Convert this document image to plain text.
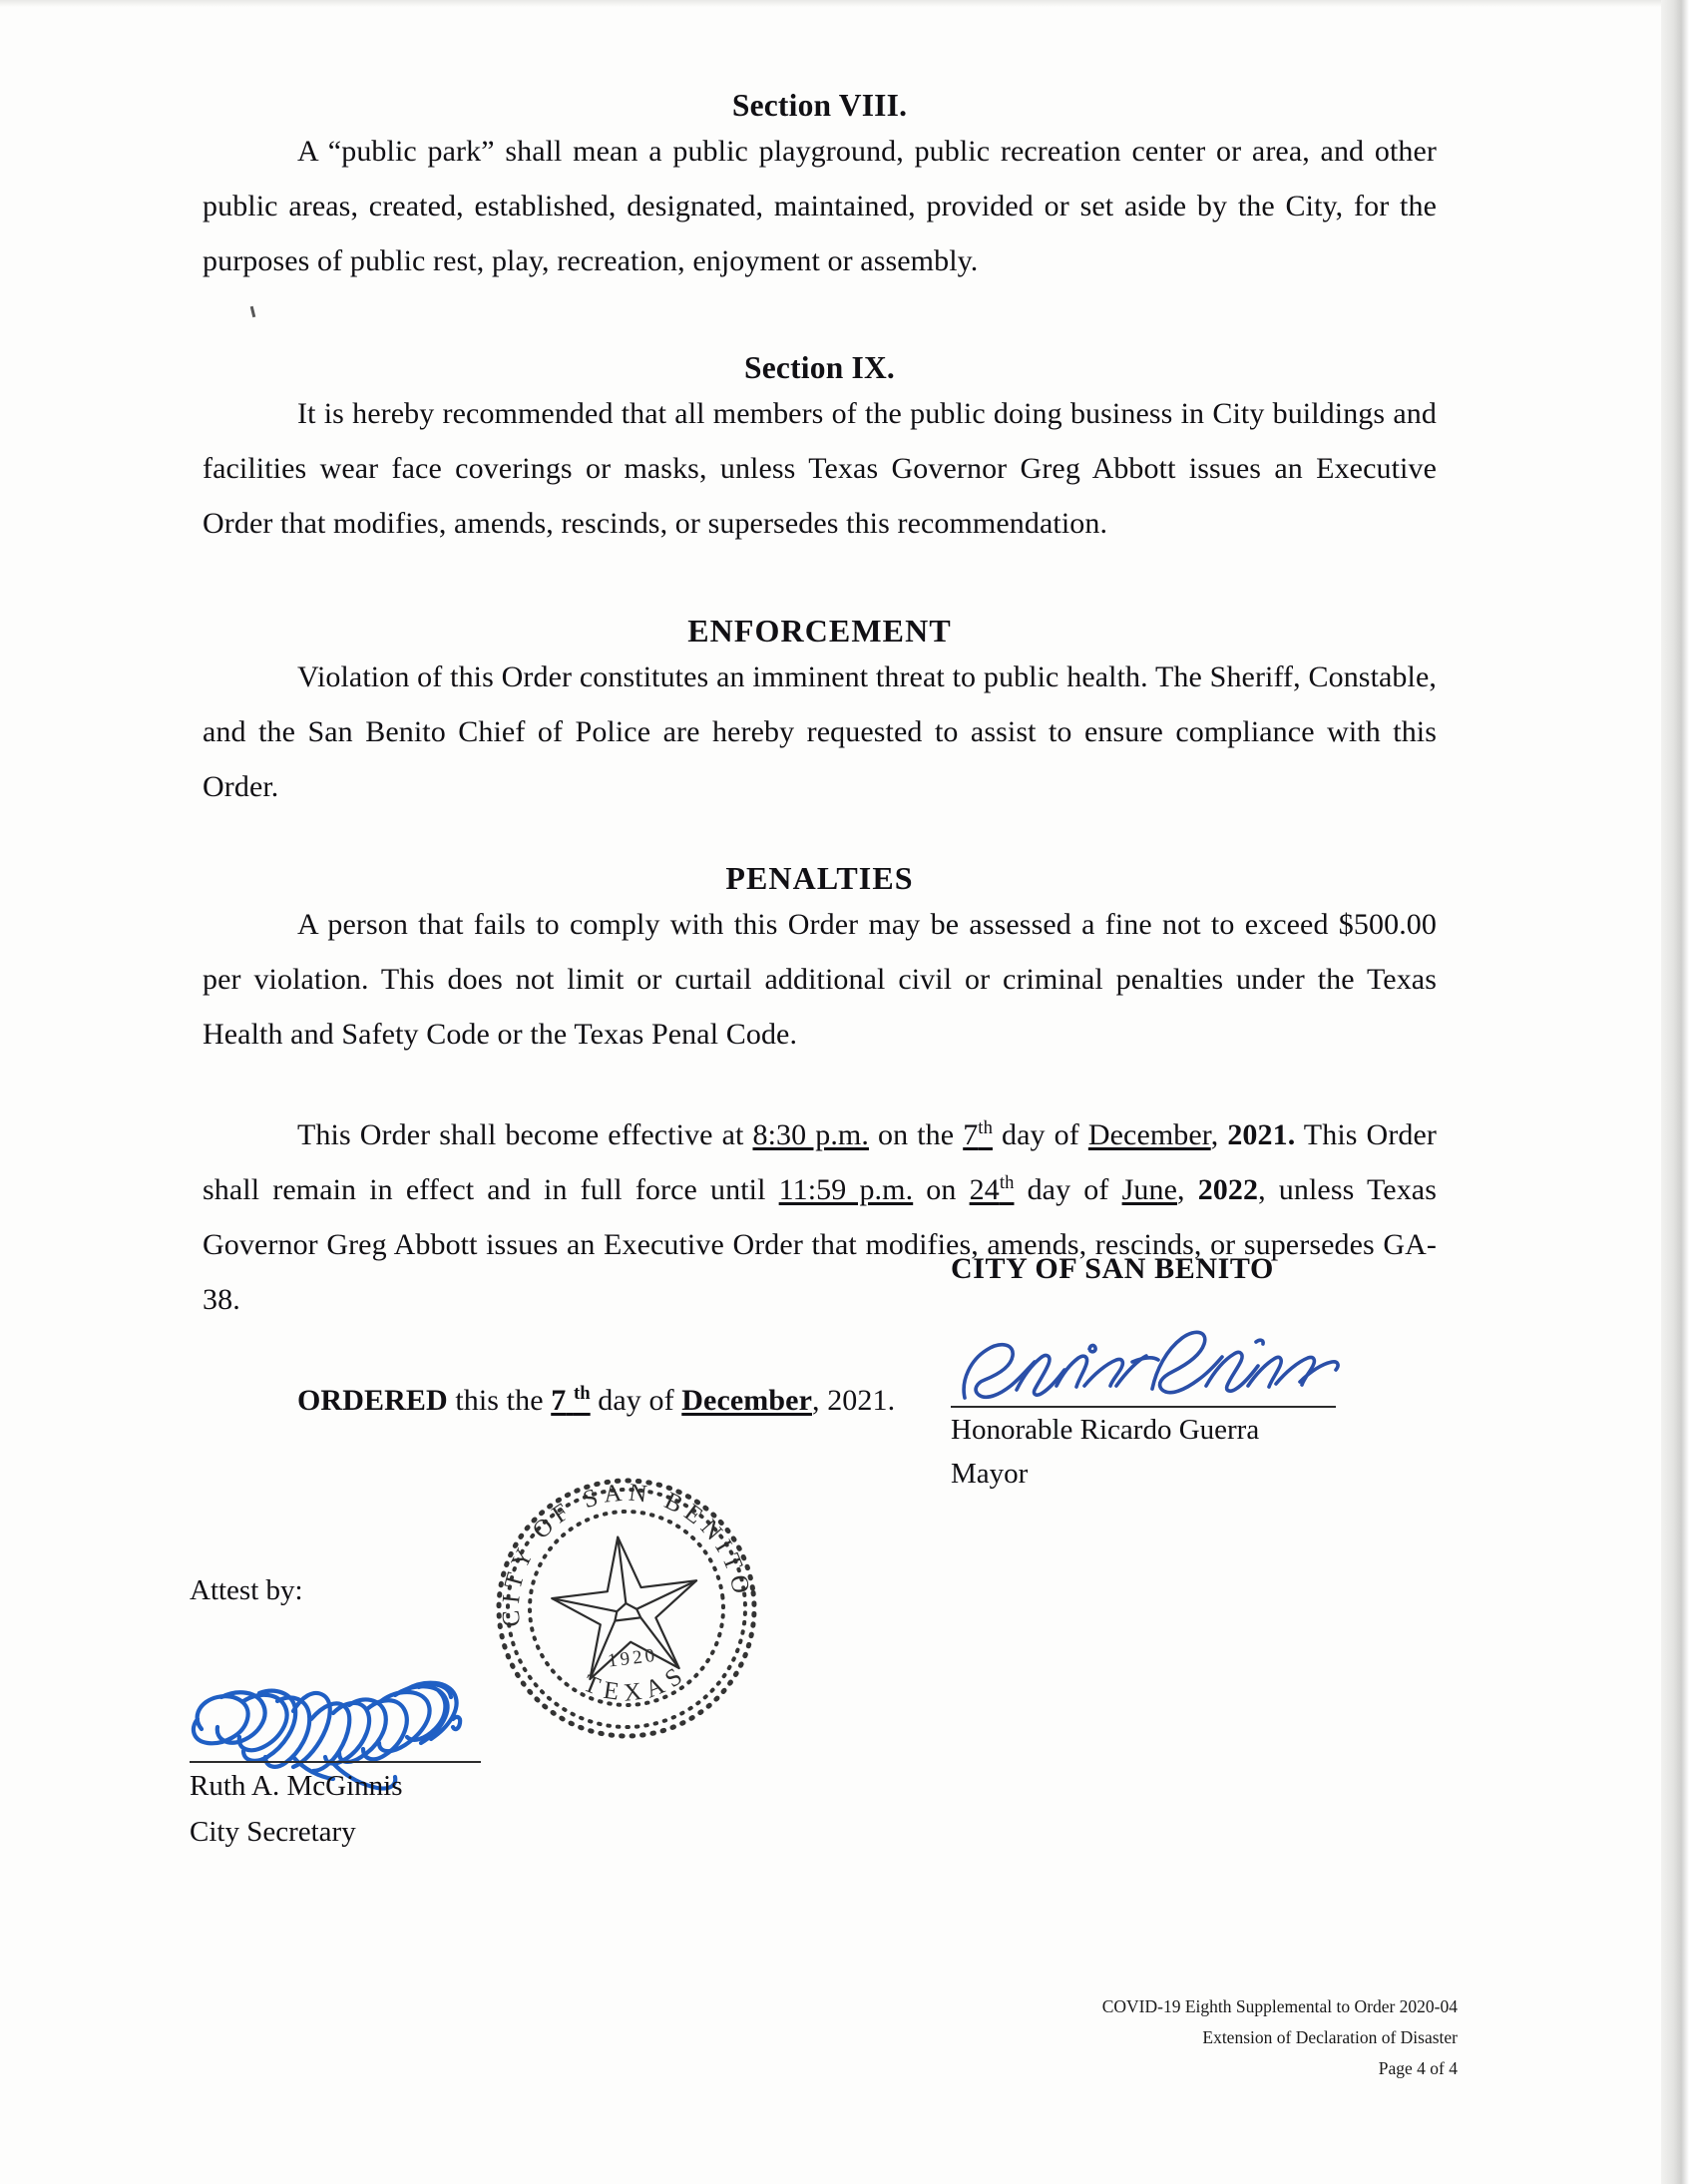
Section VIII.

A “public park” shall mean a public playground, public recreation center or area, and other public areas, created, established, designated, maintained, provided or set aside by the City, for the purposes of public rest, play, recreation, enjoyment or assembly.

Section IX.

It is hereby recommended that all members of the public doing business in City buildings and facilities wear face coverings or masks, unless Texas Governor Greg Abbott issues an Executive Order that modifies, amends, rescinds, or supersedes this recommendation.

ENFORCEMENT

Violation of this Order constitutes an imminent threat to public health. The Sheriff, Constable, and the San Benito Chief of Police are hereby requested to assist to ensure compliance with this Order.

PENALTIES

A person that fails to comply with this Order may be assessed a fine not to exceed $500.00 per violation. This does not limit or curtail additional civil or criminal penalties under the Texas Health and Safety Code or the Texas Penal Code.

This Order shall become effective at 8:30 p.m. on the 7th day of December, 2021. This Order shall remain in effect and in full force until 11:59 p.m. on 24th day of June, 2022, unless Texas Governor Greg Abbott issues an Executive Order that modifies, amends, rescinds, or supersedes GA-38.

ORDERED this the 7 $^{th}$ day of December, 2021.

CITY OF SAN BENITO

Honorable Ricardo Guerra

Mayor

Attest by:

Ruth A. McGinnis

City Secretary

CITY OF SAN BENITO
TEXAS
1920
COVID-19 Eighth Supplemental to Order 2020-04
Extension of Declaration of Disaster
Page 4 of 4
